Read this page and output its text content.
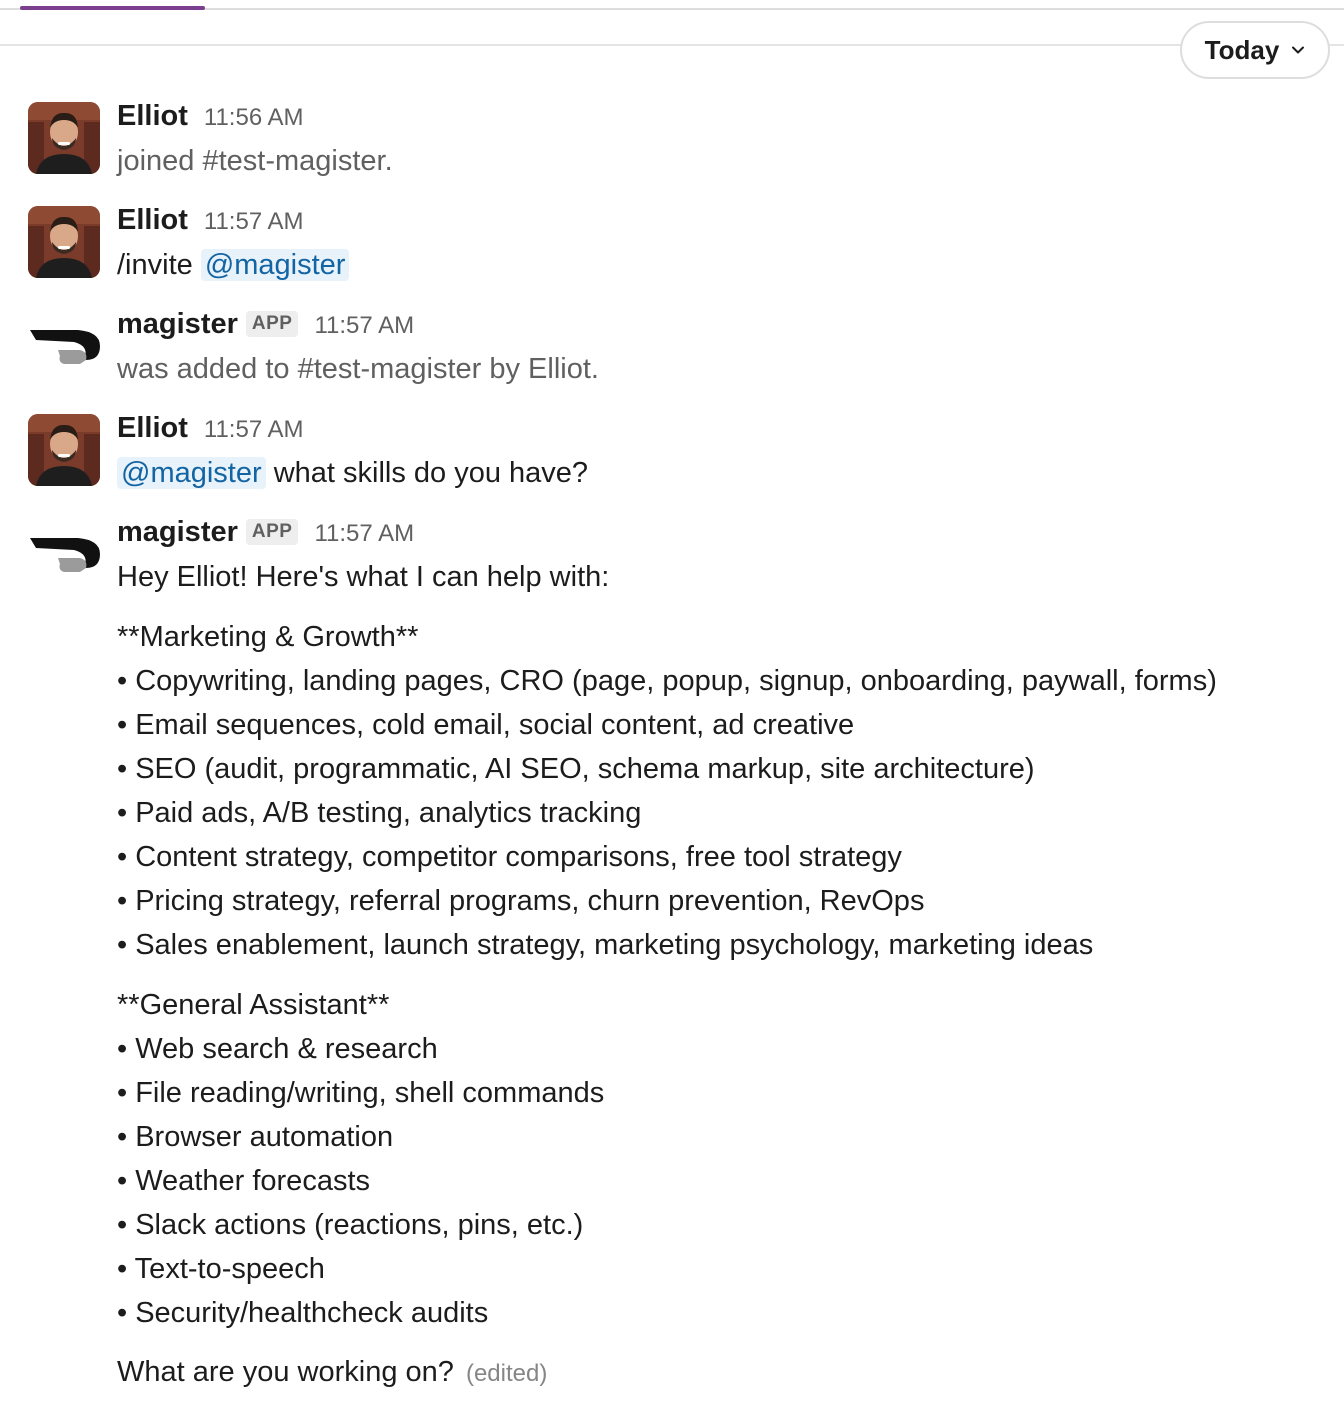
Today
Elliot 11:56 AM
joined #test-magister.
Elliot 11:57 AM
/invite @magister
magister APP 11:57 AM
was added to #test-magister by Elliot.
Elliot 11:57 AM
@magister what skills do you have?
magister APP 11:57 AM
Hey Elliot! Here's what I can help with:
**Marketing & Growth**
• Copywriting, landing pages, CRO (page, popup, signup, onboarding, paywall, forms)
• Email sequences, cold email, social content, ad creative
• SEO (audit, programmatic, AI SEO, schema markup, site architecture)
• Paid ads, A/B testing, analytics tracking
• Content strategy, competitor comparisons, free tool strategy
• Pricing strategy, referral programs, churn prevention, RevOps
• Sales enablement, launch strategy, marketing psychology, marketing ideas
**General Assistant**
• Web search & research
• File reading/writing, shell commands
• Browser automation
• Weather forecasts
• Slack actions (reactions, pins, etc.)
• Text-to-speech
• Security/healthcheck audits
What are you working on? (edited)
